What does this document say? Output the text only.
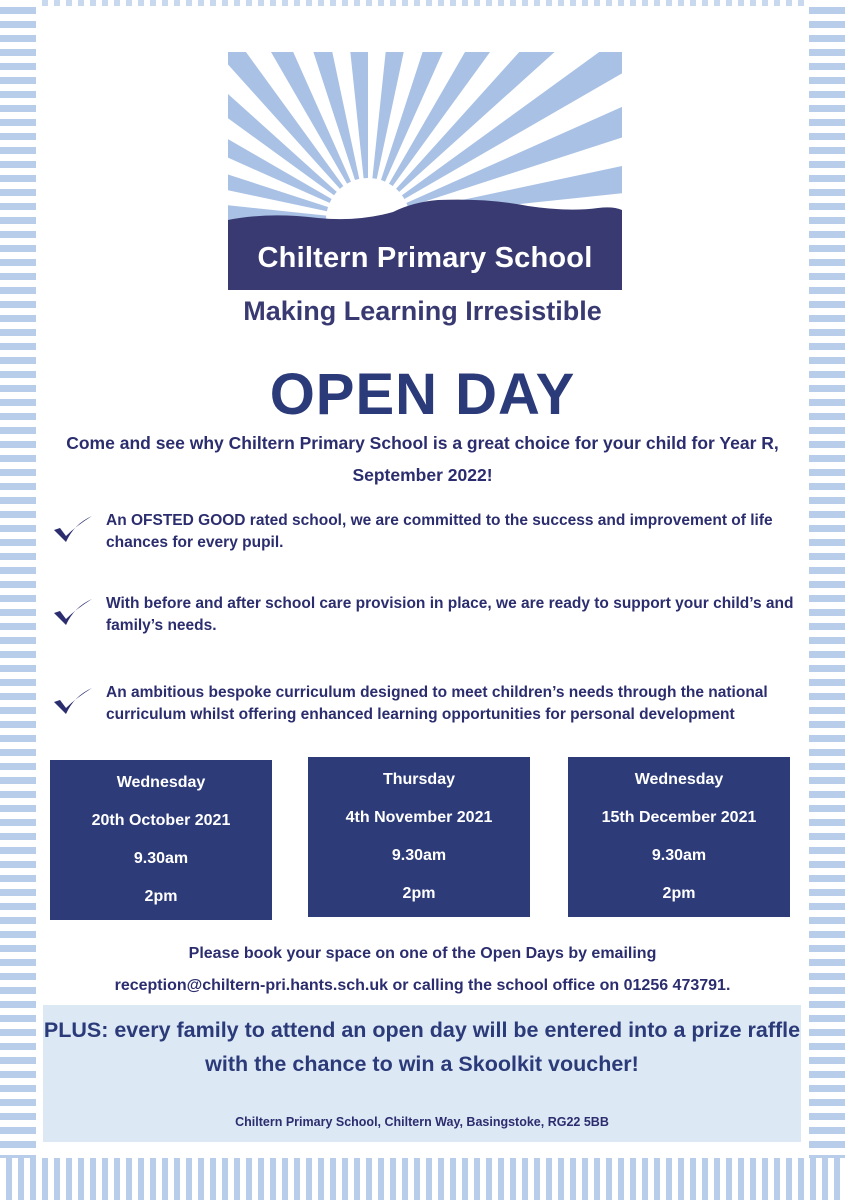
Chiltern Primary School
Making Learning Irresistible
OPEN DAY
Come and see why Chiltern Primary School is a great choice for your child for Year R, September 2022!
An OFSTED GOOD rated school, we are committed to the success and improvement of life chances for every pupil.
With before and after school care provision in place, we are ready to support your child’s and family’s needs.
An ambitious bespoke curriculum designed to meet children’s needs through the national curriculum whilst offering enhanced learning opportunities for personal development
Wednesday
20th October 2021
9.30am
2pm
Thursday
4th November 2021
9.30am
2pm
Wednesday
15th December 2021
9.30am
2pm
Please book your space on one of the Open Days by emailing
reception@chiltern-pri.hants.sch.uk or calling the school office on 01256 473791.
PLUS: every family to attend an open day will be entered into a prize raffle with the chance to win a Skoolkit voucher!
Chiltern Primary School, Chiltern Way, Basingstoke, RG22 5BB
